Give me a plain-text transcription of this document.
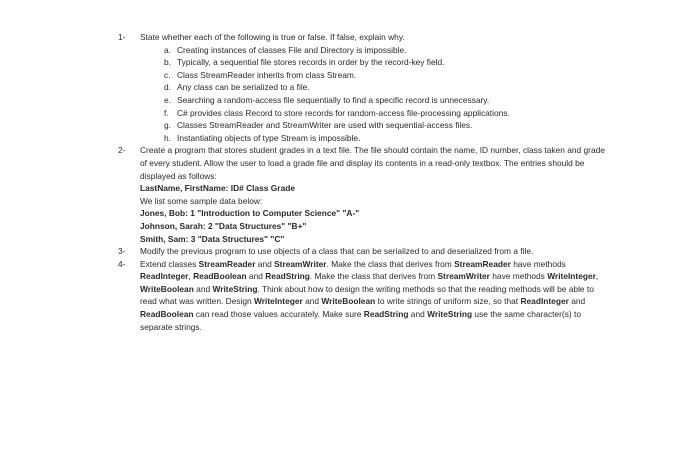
1- State whether each of the following is true or false. If false, explain why.
a. Creating instances of classes File and Directory is impossible.
b. Typically, a sequential file stores records in order by the record-key field.
c. Class StreamReader inherits from class Stream.
d. Any class can be serialized to a file.
e. Searching a random-access file sequentially to find a specific record is unnecessary.
f. C# provides class Record to store records for random-access file-processing applications.
g. Classes StreamReader and StreamWriter are used with sequential-access files.
h. Instantiating objects of type Stream is impossible.
2- Create a program that stores student grades in a text file. The file should contain the name, ID number, class taken and grade of every student. Allow the user to load a grade file and display its contents in a read-only textbox. The entries should be displayed as follows:
LastName, FirstName: ID# Class Grade
We list some sample data below:
Jones, Bob: 1 "Introduction to Computer Science" "A-"
Johnson, Sarah: 2 "Data Structures" "B+"
Smith, Sam: 3 "Data Structures" "C"
3- Modify the previous program to use objects of a class that can be serialized to and deserialized from a file.
4- Extend classes StreamReader and StreamWriter. Make the class that derives from StreamReader have methods ReadInteger, ReadBoolean and ReadString. Make the class that derives from StreamWriter have methods WriteInteger, WriteBoolean and WriteString. Think about how to design the writing methods so that the reading methods will be able to read what was written. Design WriteInteger and WriteBoolean to write strings of uniform size, so that ReadInteger and ReadBoolean can read those values accurately. Make sure ReadString and WriteString use the same character(s) to separate strings.
